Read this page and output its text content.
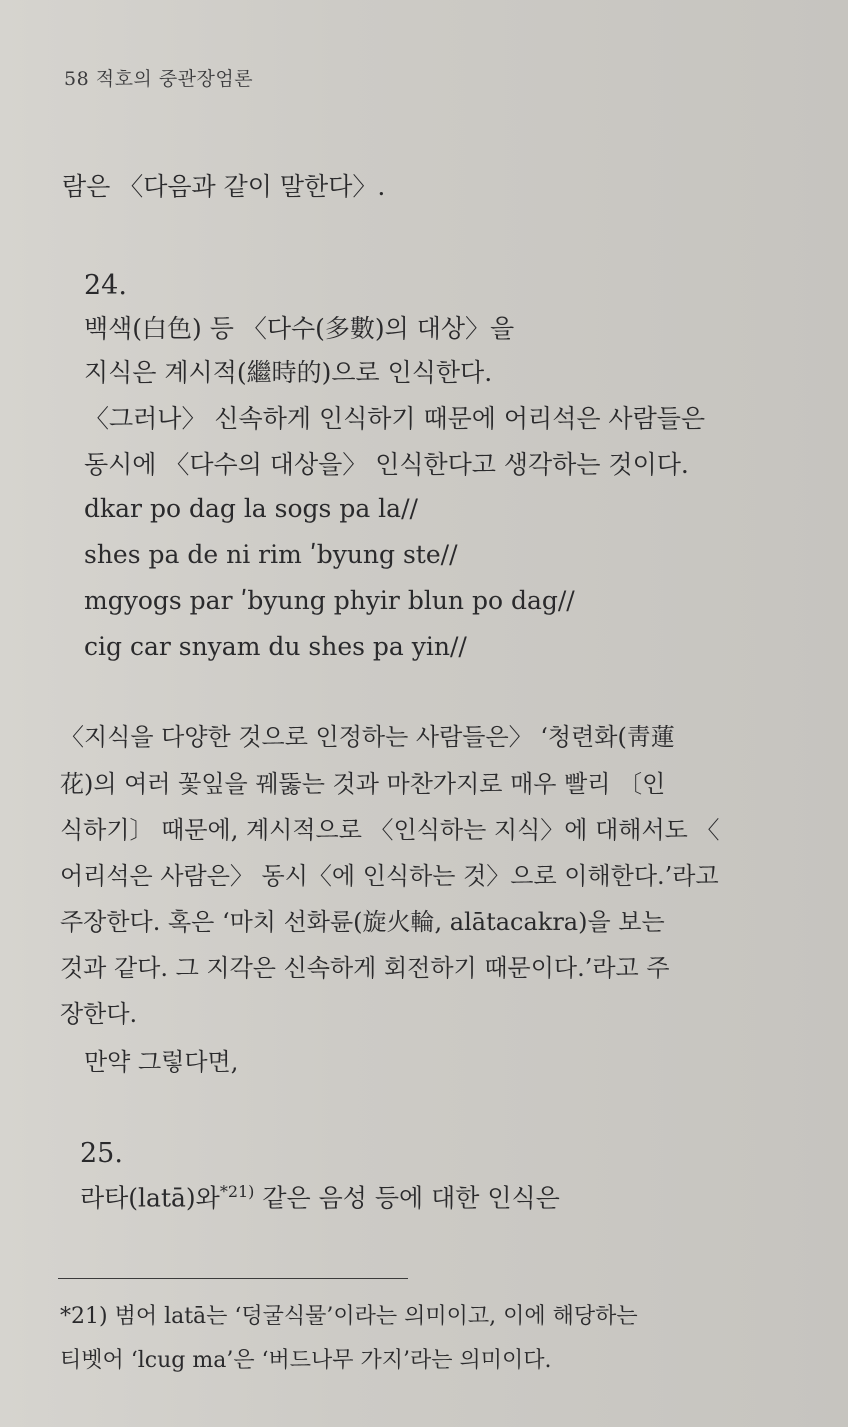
58 적호의 중관장엄론
람은 〈다음과 같이 말한다〉.
24.
백색(白色) 등 〈다수(多數)의 대상〉을
지식은 계시적(繼時的)으로 인식한다.
〈그러나〉 신속하게 인식하기 때문에 어리석은 사람들은
동시에 〈다수의 대상을〉 인식한다고 생각하는 것이다.
dkar po dag la sogs pa la//
shes pa de ni rim ʹbyung ste//
mgyogs par ʹbyung phyir blun po dag//
cig car snyam du shes pa yin//
〈지식을 다양한 것으로 인정하는 사람들은〉 ‘청련화(靑蓮
花)의 여러 꽃잎을 꿰뚫는 것과 마찬가지로 매우 빨리 〔인
식하기〕 때문에, 계시적으로 〈인식하는 지식〉에 대해서도 〈
어리석은 사람은〉 동시〈에 인식하는 것〉으로 이해한다.’라고
주장한다. 혹은 ‘마치 선화륜(旋火輪, alātacakra)을 보는
것과 같다. 그 지각은 신속하게 회전하기 때문이다.’라고 주
장한다.
만약 그렇다면,
25.
라타(latā)와$^{*21)}$ 같은 음성 등에 대한 인식은
*21) 범어 latā는 ‘덩굴식물’이라는 의미이고, 이에 해당하는
티벳어 ‘lcug ma’은 ‘버드나무 가지’라는 의미이다.
